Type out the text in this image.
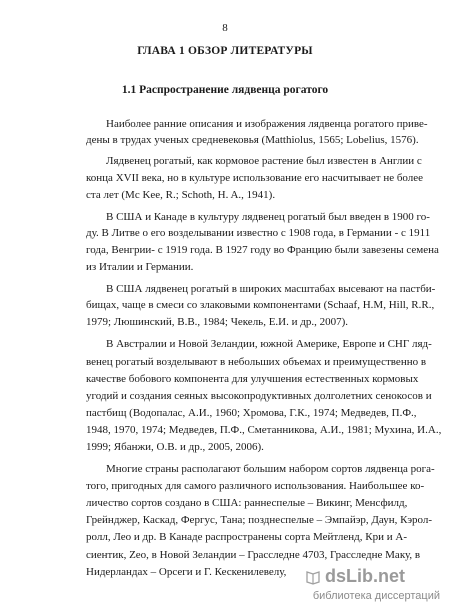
8
ГЛАВА 1 ОБЗОР ЛИТЕРАТУРЫ
1.1 Распространение лядвенца рогатого
Наиболее ранние описания и изображения лядвенца рогатого приве-
дены в трудах ученых средневековья (Matthiolus, 1565; Lobelius, 1576).
Лядвенец рогатый, как кормовое растение был известен в Англии с
конца XVII века, но в культуре использование его насчитывает не более
ста лет (Mc Kee, R.; Schoth, H. A., 1941).
В США и Канаде в культуру лядвенец рогатый был введен в 1900 го-
ду. В Литве о его возделывании известно с 1908 года, в Германии - с 1911
года, Венгрии- с 1919 года. В 1927 году во Францию были завезены семена
из Италии и Германии.
В США лядвенец рогатый в широких масштабах высевают на пастби-
бищах, чаще в смеси со злаковыми компонентами (Schaaf, H.M, Hill, R.R.,
1979; Люшинский, В.В., 1984; Чекель, Е.И. и др., 2007).
В Австралии и Новой Зеландии, южной Америке, Европе и СНГ ляд-
венец рогатый возделывают в небольших объемах и преимущественно в
качестве бобового компонента для улучшения естественных кормовых
угодий и создания сеяных высокопродуктивных долголетних сенокосов и
пастбищ (Водопалас, А.И., 1960; Хромова, Г.К., 1974; Медведев, П.Ф.,
1948, 1970, 1974; Медведев, П.Ф., Сметанникова, А.И., 1981; Мухина, И.А.,
1999; Ябанжи, О.В. и др., 2005, 2006).
Многие страны располагают большим набором сортов лядвенца рога-
того, пригодных для самого различного использования. Наибольшее ко-
личество сортов создано в США: раннеспелые – Викинг, Менсфилд,
Грейнджер, Каскад, Фергус, Тана; позднеспелые – Эмпайэр, Даун, Кэрол-
ролл, Лео и др. В Канаде распространены сорта Мейтленд, Кри и А-
сиентик, Zeo, в Новой Зеландии – Грасследне 4703, Грасследне Маку, в
Нидерландах – Орсеги и Г. Кескенилевелу,	dsLib.net
библиотека диссертаций
